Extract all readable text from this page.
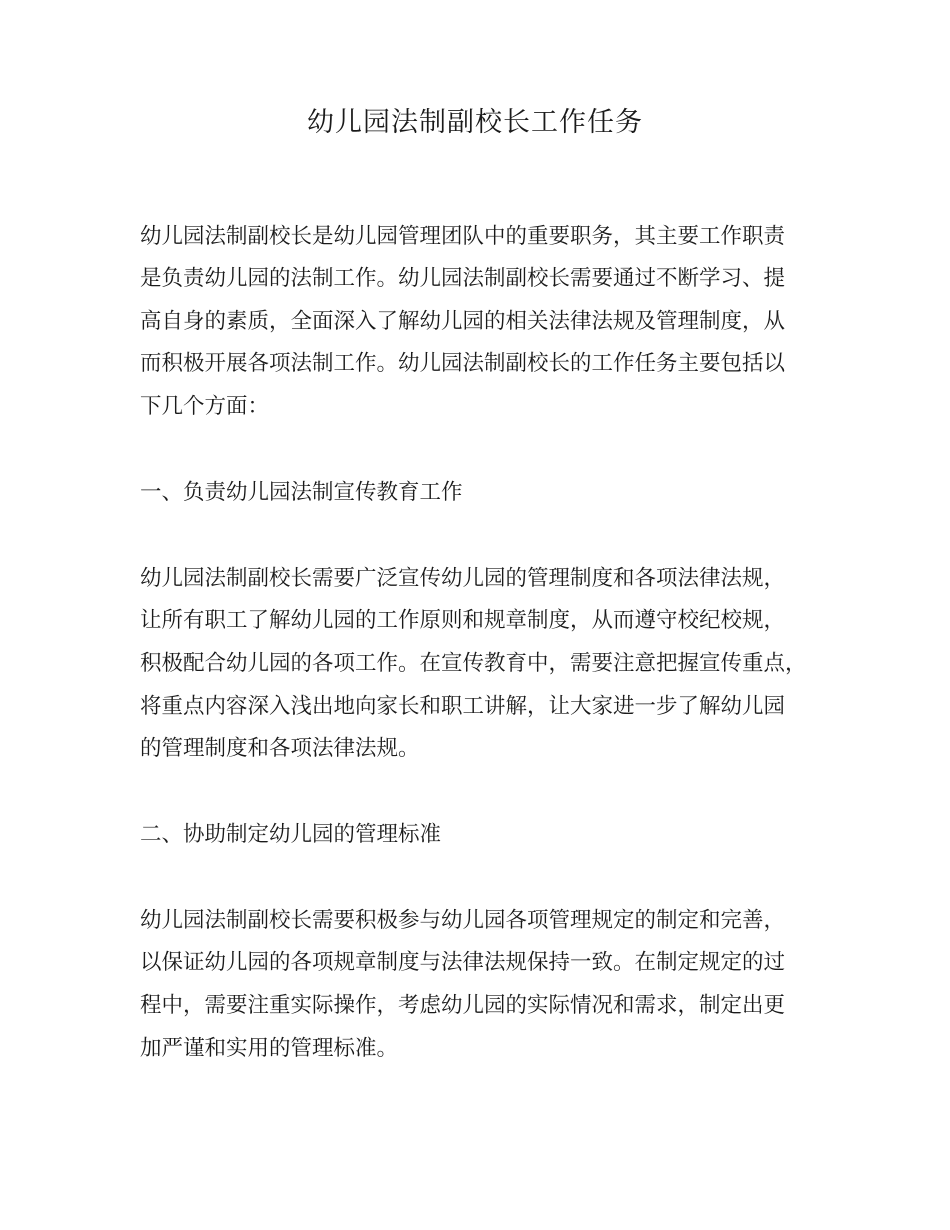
幼儿园法制副校长工作任务

幼儿园法制副校长是幼儿园管理团队中的重要职务，其主要工作职责

是负责幼儿园的法制工作。幼儿园法制副校长需要通过不断学习、提

高自身的素质，全面深入了解幼儿园的相关法律法规及管理制度，从

而积极开展各项法制工作。幼儿园法制副校长的工作任务主要包括以

下几个方面：

一、负责幼儿园法制宣传教育工作

幼儿园法制副校长需要广泛宣传幼儿园的管理制度和各项法律法规，

让所有职工了解幼儿园的工作原则和规章制度，从而遵守校纪校规，

积极配合幼儿园的各项工作。在宣传教育中，需要注意把握宣传重点，

将重点内容深入浅出地向家长和职工讲解，让大家进一步了解幼儿园

的管理制度和各项法律法规。

二、协助制定幼儿园的管理标准

幼儿园法制副校长需要积极参与幼儿园各项管理规定的制定和完善，

以保证幼儿园的各项规章制度与法律法规保持一致。在制定规定的过

程中，需要注重实际操作，考虑幼儿园的实际情况和需求，制定出更

加严谨和实用的管理标准。
